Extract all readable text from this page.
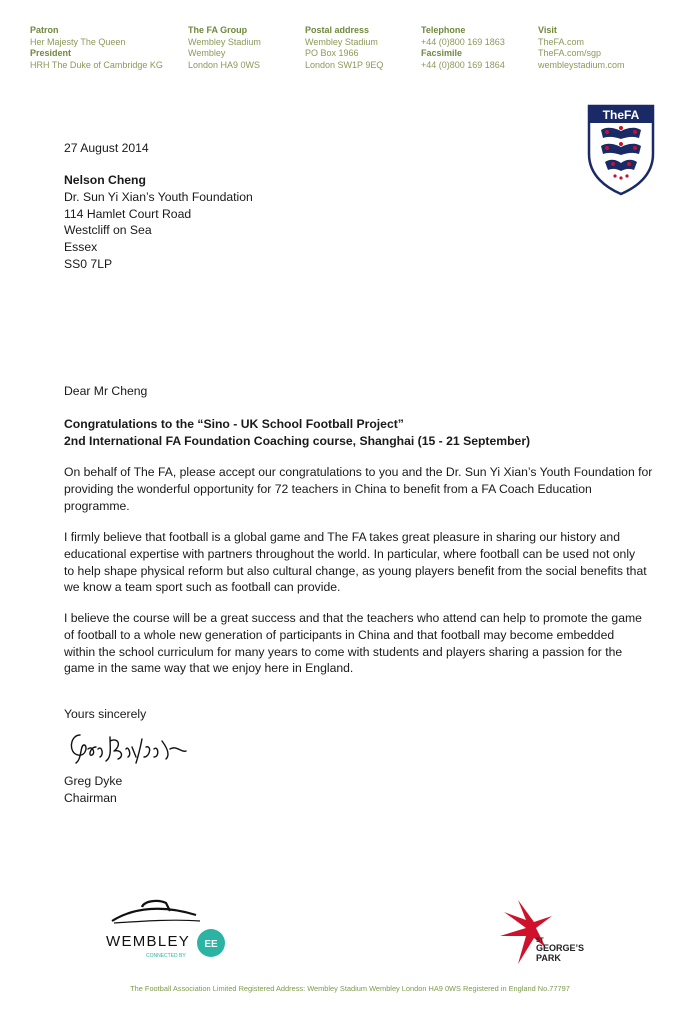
Patron
Her Majesty The Queen
President
HRH The Duke of Cambridge KG
The FA Group
Wembley Stadium
Wembley
London HA9 0WS
Postal address
Wembley Stadium
PO Box 1966
London SW1P 9EQ
Telephone
+44 (0)800 169 1863
Facsimile
+44 (0)800 169 1864
Visit
TheFA.com
TheFA.com/sgp
wembleystadium.com
TheFA
27 August 2014
Nelson Cheng
Dr. Sun Yi Xian’s Youth Foundation
114 Hamlet Court Road
Westcliff on Sea
Essex
SS0 7LP
Dear Mr Cheng
Congratulations to the “Sino - UK School Football Project”
2nd International FA Foundation Coaching course, Shanghai (15 - 21 September)
On behalf of The FA, please accept our congratulations to you and the Dr. Sun Yi Xian’s Youth Foundation for
providing the wonderful opportunity for 72 teachers in China to benefit from a FA Coach Education
programme.
I firmly believe that football is a global game and The FA takes great pleasure in sharing our history and
educational expertise with partners throughout the world. In particular, where football can be used not only
to help shape physical reform but also cultural change, as young players benefit from the social benefits that
we know a team sport such as football can provide.
I believe the course will be a great success and that the teachers who attend can help to promote the game
of football to a whole new generation of participants in China and that football may become embedded
within the school curriculum for many years to come with students and players sharing a passion for the
game in the same way that we enjoy here in England.
Yours sincerely
Greg Dyke
Chairman
WEMBLEY
CONNECTED BY
EE	ST
GEORGE’S
PARK
The Football Association Limited Registered Address: Wembley Stadium Wembley London HA9 0WS Registered in England No.77797
